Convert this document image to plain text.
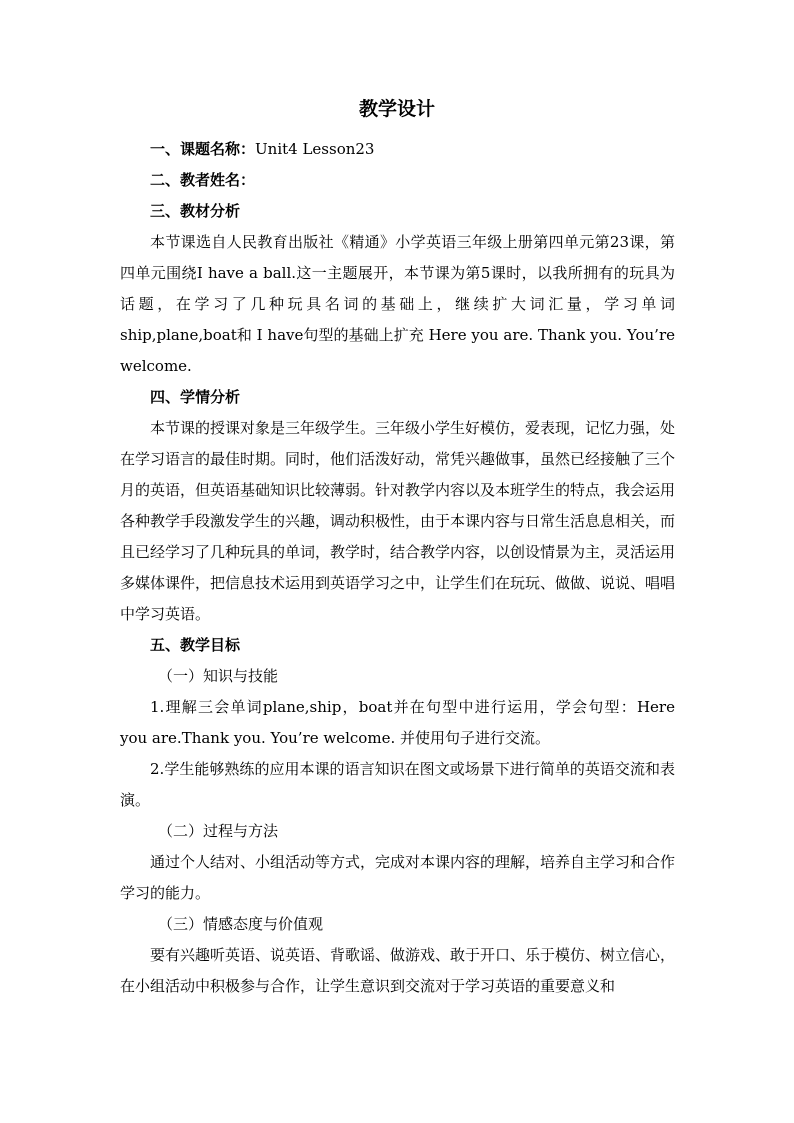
教学设计

一、课题名称：Unit4 Lesson23

二、教者姓名：

三、教材分析

本节课选自人民教育出版社《精通》小学英语三年级上册第四单元第23课，第四单元围绕I have a ball.这一主题展开，本节课为第5课时，以我所拥有的玩具为话题，在学习了几种玩具名词的基础上，继续扩大词汇量，学习单词ship,plane,boat和 I have句型的基础上扩充 Here you are. Thank you. You’re welcome.

四、学情分析

本节课的授课对象是三年级学生。三年级小学生好模仿，爱表现，记忆力强，处在学习语言的最佳时期。同时，他们活泼好动，常凭兴趣做事，虽然已经接触了三个月的英语，但英语基础知识比较薄弱。针对教学内容以及本班学生的特点，我会运用各种教学手段激发学生的兴趣，调动积极性，由于本课内容与日常生活息息相关，而且已经学习了几种玩具的单词，教学时，结合教学内容，以创设情景为主，灵活运用多媒体课件，把信息技术运用到英语学习之中，让学生们在玩玩、做做、说说、唱唱中学习英语。

五、教学目标

（一）知识与技能

1.理解三会单词plane,ship，boat并在句型中进行运用，学会句型：Here you are.Thank you. You’re welcome. 并使用句子进行交流。

2.学生能够熟练的应用本课的语言知识在图文或场景下进行简单的英语交流和表演。

（二）过程与方法

通过个人结对、小组活动等方式，完成对本课内容的理解，培养自主学习和合作学习的能力。

（三）情感态度与价值观

要有兴趣听英语、说英语、背歌谣、做游戏、敢于开口、乐于模仿、树立信心，在小组活动中积极参与合作，让学生意识到交流对于学习英语的重要意义和
